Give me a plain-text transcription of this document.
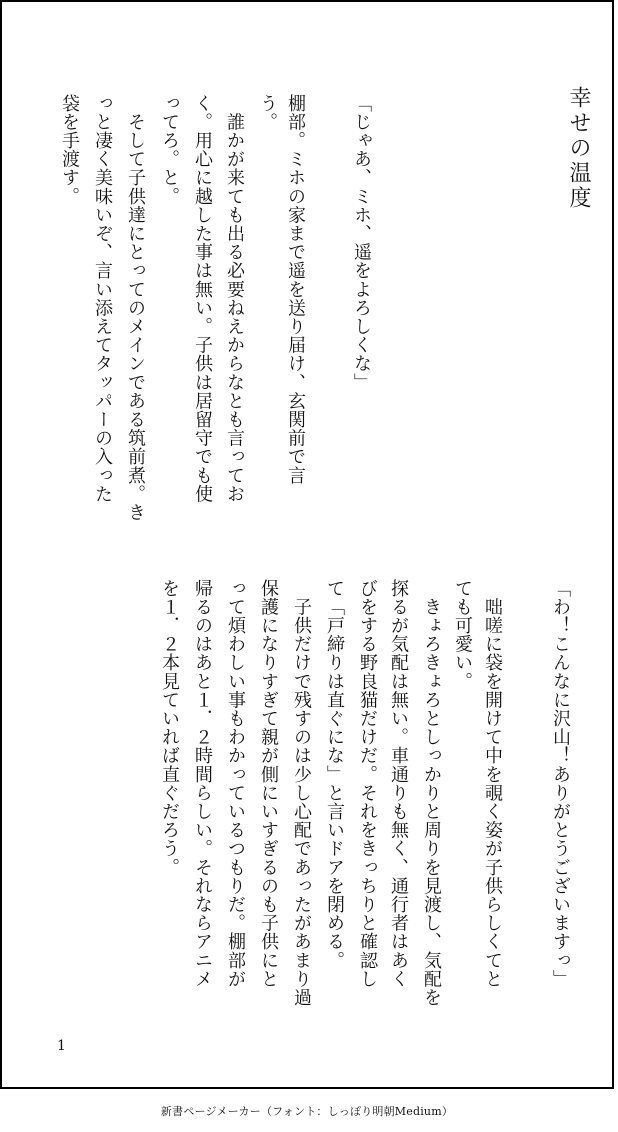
幸せの温度
「じゃあ、ミホ、遥をよろしくな」
棚部。ミホの家まで遥を送り届け、玄関前で言
う。
　誰かが来ても出る必要ねえからなとも言ってお
く。用心に越した事は無い。子供は居留守でも使
ってろ。と。
　そして子供達にとってのメインである筑前煮。き
っと凄く美味いぞ、言い添えてタッパーの入った
袋を手渡す。
「わ！こんなに沢山！ありがとうございますっ」
　咄嗟に袋を開けて中を覗く姿が子供らしくてと
ても可愛い。
　きょろきょろとしっかりと周りを見渡し、気配を
探るが気配は無い。車通りも無く、通行者はあく
びをする野良猫だけだ。それをきっちりと確認し
て「戸締りは直ぐにな」と言いドアを閉める。
　子供だけで残すのは少し心配であったがあまり過
保護になりすぎて親が側にいすぎるのも子供にと
って煩わしい事もわかっているつもりだ。棚部が
帰るのはあと１．２時間らしい。それならアニメ
を１．２本見ていれば直ぐだろう。
1
新書ページメーカー（フォント：しっぽり明朝Medium）
